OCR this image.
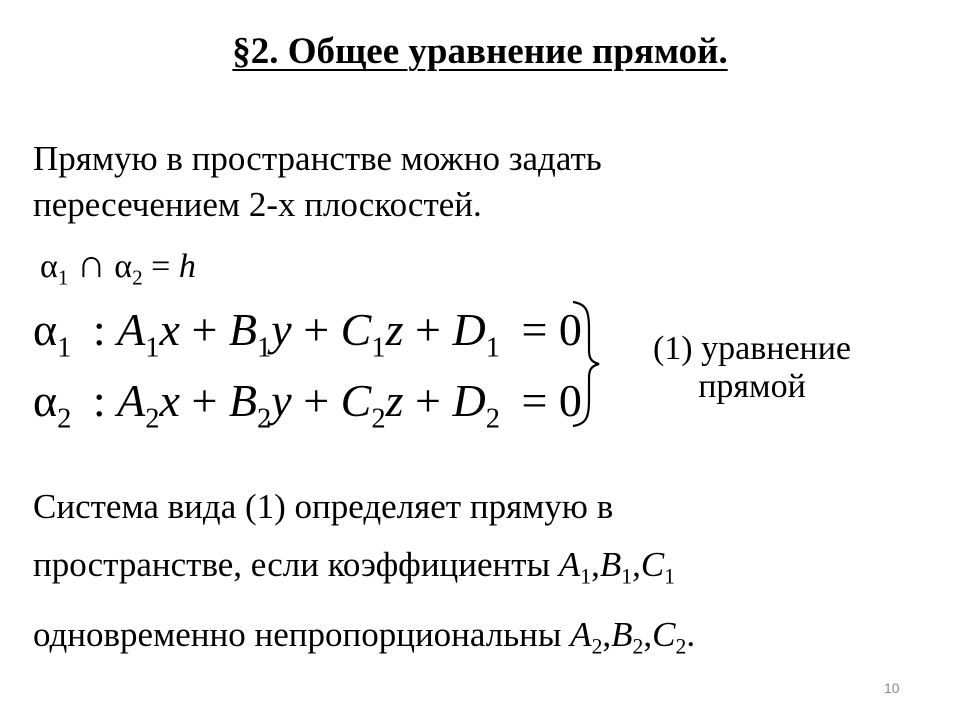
§2. Общее уравнение прямой.
Прямую в пространстве можно задать
пересечением 2-х плоскостей.
$\alpha_1$ ∩ $\alpha_2 = h$
$\alpha_1$ : $A_1x + B_1y + C_1z + D_1 = 0$
$\alpha_2$ : $A_2x + B_2y + C_2z + D_2 = 0$
(1) уравнение
прямой
Система вида (1) определяет прямую в
пространстве, если коэффициенты $A_1,B_1,C_1$
одновременно непропорциональны $A_2,B_2,C_2$.
10
